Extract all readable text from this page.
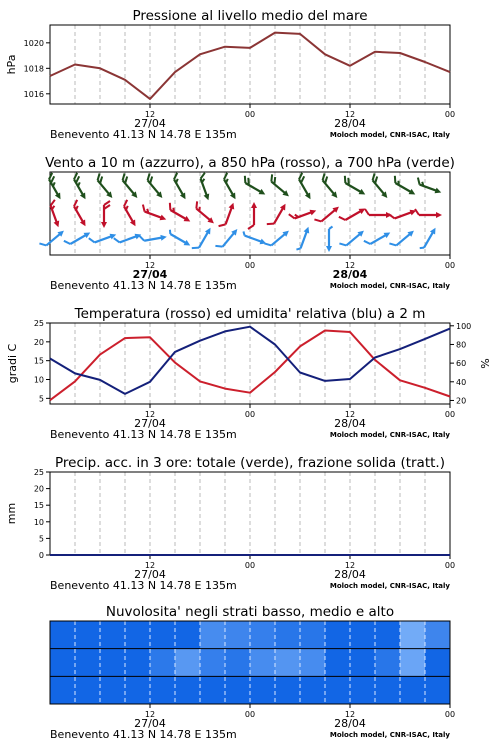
Pressione al livello medio del mare
12	00	12	00
27/04	28/04
Benevento 41.13 N 14.78 E 135m	Moloch model, CNR-ISAC, Italy
1016
1018
1020
hPa
Vento a 10 m (azzurro), a 850 hPa (rosso), a 700 hPa (verde)
12	00	12	00
27/04	28/04
Benevento 41.13 N 14.78 E 135m	Moloch model, CNR-ISAC, Italy
Temperatura (rosso) ed umidita' relativa (blu) a 2 m
12	00	12	00
27/04	28/04
Benevento 41.13 N 14.78 E 135m	Moloch model, CNR-ISAC, Italy
5
10
15
20
25
gradi C
20
40
60
80
100
%
Precip. acc. in 3 ore: totale (verde), frazione solida (tratt.)
12	00	12	00
27/04	28/04
Benevento 41.13 N 14.78 E 135m	Moloch model, CNR-ISAC, Italy
0
5
10
15
20
25
mm
Nuvolosita' negli strati basso, medio e alto
12	00	12	00
27/04	28/04
Benevento 41.13 N 14.78 E 135m	Moloch model, CNR-ISAC, Italy
